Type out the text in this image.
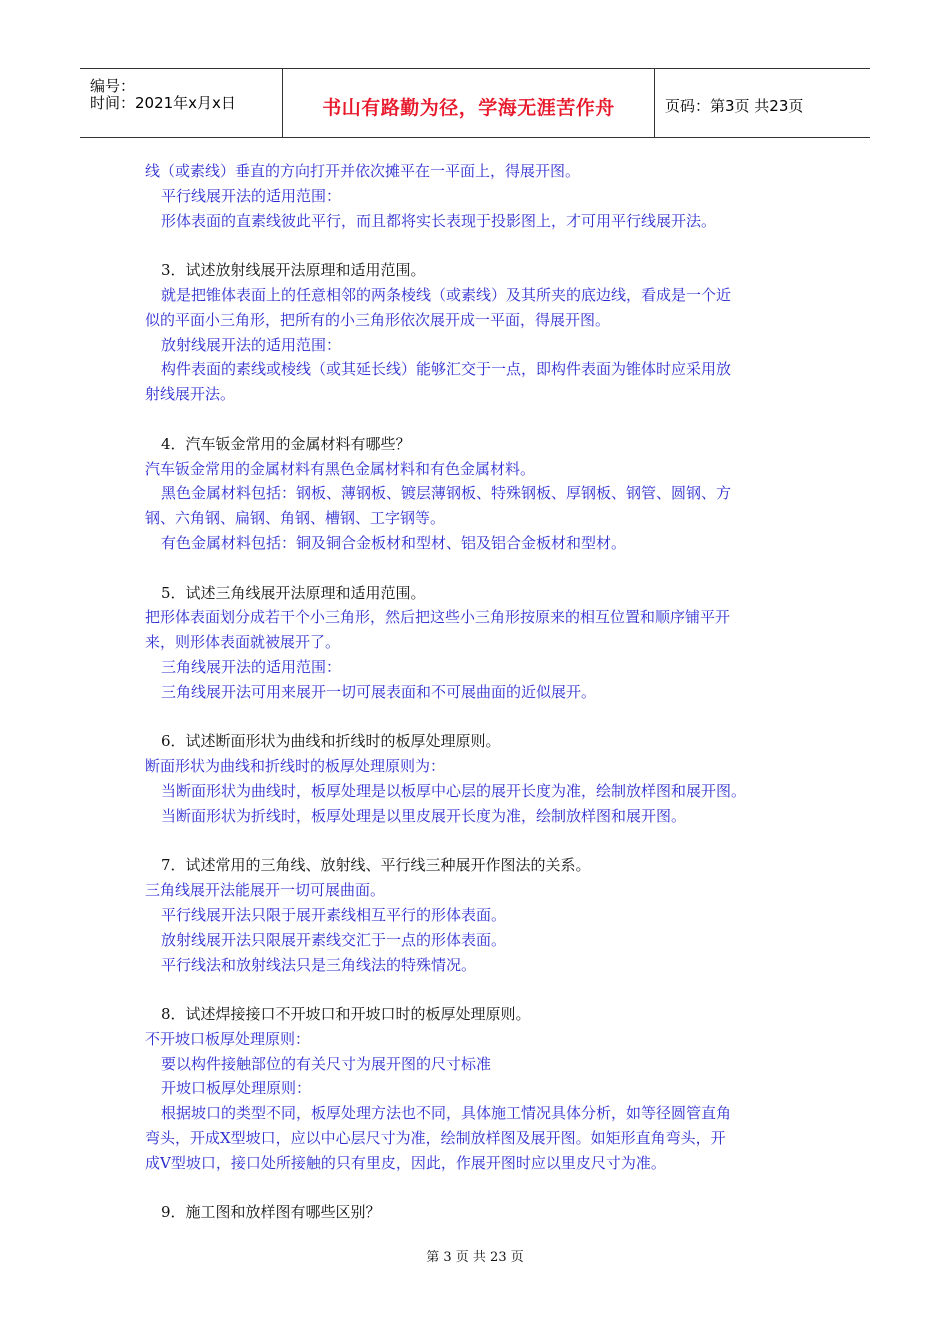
编号：
时间：2021年x月x日	书山有路勤为径，学海无涯苦作舟	页码：第3页 共23页
线（或素线）垂直的方向打开并依次摊平在一平面上，得展开图。
平行线展开法的适用范围：
形体表面的直素线彼此平行，而且都将实长表现于投影图上，才可用平行线展开法。
3．试述放射线展开法原理和适用范围。
就是把锥体表面上的任意相邻的两条棱线（或素线）及其所夹的底边线，看成是一个近
似的平面小三角形，把所有的小三角形依次展开成一平面，得展开图。
放射线展开法的适用范围：
构件表面的素线或棱线（或其延长线）能够汇交于一点，即构件表面为锥体时应采用放
射线展开法。
4．汽车钣金常用的金属材料有哪些？
汽车钣金常用的金属材料有黑色金属材料和有色金属材料。
黑色金属材料包括：钢板、薄钢板、镀层薄钢板、特殊钢板、厚钢板、钢管、圆钢、方
钢、六角钢、扁钢、角钢、槽钢、工字钢等。
有色金属材料包括：铜及铜合金板材和型材、铝及铝合金板材和型材。
5．试述三角线展开法原理和适用范围。
把形体表面划分成若干个小三角形，然后把这些小三角形按原来的相互位置和顺序铺平开
来，则形体表面就被展开了。
三角线展开法的适用范围：
三角线展开法可用来展开一切可展表面和不可展曲面的近似展开。
6．试述断面形状为曲线和折线时的板厚处理原则。
断面形状为曲线和折线时的板厚处理原则为：
当断面形状为曲线时，板厚处理是以板厚中心层的展开长度为准，绘制放样图和展开图。
当断面形状为折线时，板厚处理是以里皮展开长度为准，绘制放样图和展开图。
7．试述常用的三角线、放射线、平行线三种展开作图法的关系。
三角线展开法能展开一切可展曲面。
平行线展开法只限于展开素线相互平行的形体表面。
放射线展开法只限展开素线交汇于一点的形体表面。
平行线法和放射线法只是三角线法的特殊情况。
8．试述焊接接口不开坡口和开坡口时的板厚处理原则。
不开坡口板厚处理原则：
要以构件接触部位的有关尺寸为展开图的尺寸标准
开坡口板厚处理原则：
根据坡口的类型不同，板厚处理方法也不同，具体施工情况具体分析，如等径圆管直角
弯头，开成X型坡口，应以中心层尺寸为准，绘制放样图及展开图。如矩形直角弯头，开
成V型坡口，接口处所接触的只有里皮，因此，作展开图时应以里皮尺寸为准。
9．施工图和放样图有哪些区别？
第 3 页 共 23 页
